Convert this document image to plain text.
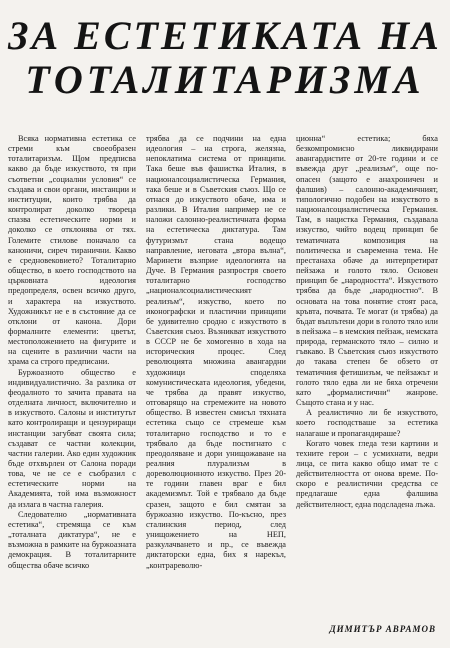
ЗА ЕСТЕТИКАТА НА
ТОТАЛИТАРИЗМА

Всяка нормативна естетика се стреми към своеобразен тоталитаризъм. Щом предписва какво да бъде изкуството, тя при съответни „социални условия“ се създава и свои органи, инстанции и институции, които трябва да контролират доколко твореца спазва естетическите норми и доколко се отклонява от тях. Големите стилове поначало са каноничи, сиреч тиранични. Какво е средновековието? Тоталитарно общество, в което господството на църковната идеология предопределя, освен всичко друго, и характера на изкуството. Художникът не е в състояние да се отклони от канона. Дори формалните елементи: цветът, местоположението на фигурите и на сцените в различни части на храма са строго предписани.

Буржоазното общество е индивидуалистично. За разлика от феодалното то зачита правата на отделната личност, включително и в изкуството. Салоны и институтът като контролиращи и цензуриращи инстанции загубват своята сила; създават се частни колекции, частни галерии. Ако един художник бъде отхвърлен от Салона поради това, че не се е съобразил с естетическите норми на Академията, той има възможност да излага в частна галерия.

Следователно „нормативната естетика“, стремяща се към „тоталната диктатура“, не е възможна в рамките на буржоазната демокрация. В тоталитарните общества обаче всичко

трябва да се подчини на една идеология – на строга, желязна, непоклатима система от принципи. Така беше във фашистка Италия, в националсоциалистическа Германия, така беше и в Съветския съюз. Що се отнася до изкуството обаче, има и разлики. В Италия например не се наложи салонно-реалистичната форма на естетическа диктатура. Там футуризмът стана водещо направление, неговата „втора вълна“, Маринети възприе идеологията на Дуче. В Германия разпростря своето тоталитарно господство „националсоциалистическият реализъм“, изкуство, което по иконографски и пластични принципи бе удивително сродно с изкуството в Съветския съюз. Възникват изкуството в СССР не бе хомогенно в хода на историческия процес. След революцията множина авангардни художници споделяха комунистическата идеология, убедени, че трябва да правят изкуство, отговарящо на стремежите на новото общество. В известен смисъл тяхната естетика също се стремеше към тоталитарно господство и то е трябвало да бъде постигнато с преодоляване и дори унищожаване на реалния плурализъм в дореволюционното изкуство. През 20-те години главен враг е бил академизмът. Той е трябвало да бъде сразен, защото е бил смятан за буржоазно изкуство. По-късно, през сталинския период, след унищожението на НЕП, разкулачването и пр., се въвежда диктаторски една, бих я нарекъл, „контрареволю-

ционна“ естетика; бяха безкомпромисно ликвидирани авангардистите от 20-те години и се въвежда друг „реализъм“, още по-опасен (защото е анахроничен и фалшив) – салонно-академичният, типологично подобен на изкуството в националсоциалистическа Германия. Там, в нацистка Германия, създавала изкуство, чийто водещ принцип бе тематичната композиция на политическа и съвременна тема. Не престанаха обаче да интерпретират пейзажа и голото тяло. Основен принцип бе „народността“. Изкуството трябва да бъде „народностно“. В основата на това понятие стоят раса, кръвта, почвата. Те могат (и трябва) да бъдат въплътени дори в голото тяло или в пейзажа – в немския пейзаж, немската природа, германското тяло – силно и гъвкаво. В Съветския съюз изкуството до такава степен бе обзето от тематичния фетишизъм, че пейзажът и голото тяло едва ли не бяха отречени като „формалистични“ жанрове. Същото стана и у нас.

А реалистично ли бе изкуството, което господстваше за естетика налагаше и пропагандираше?

Когато човек гледа тези картини и техните герои – с усмихнати, ведри лица, се пита какво общо имат те с действителността от онова време. По-скоро е реалистични средства се предлагаше една фалшива действителност, една подсладена лъжа.

ДИМИТЪР АВРАМОВ
